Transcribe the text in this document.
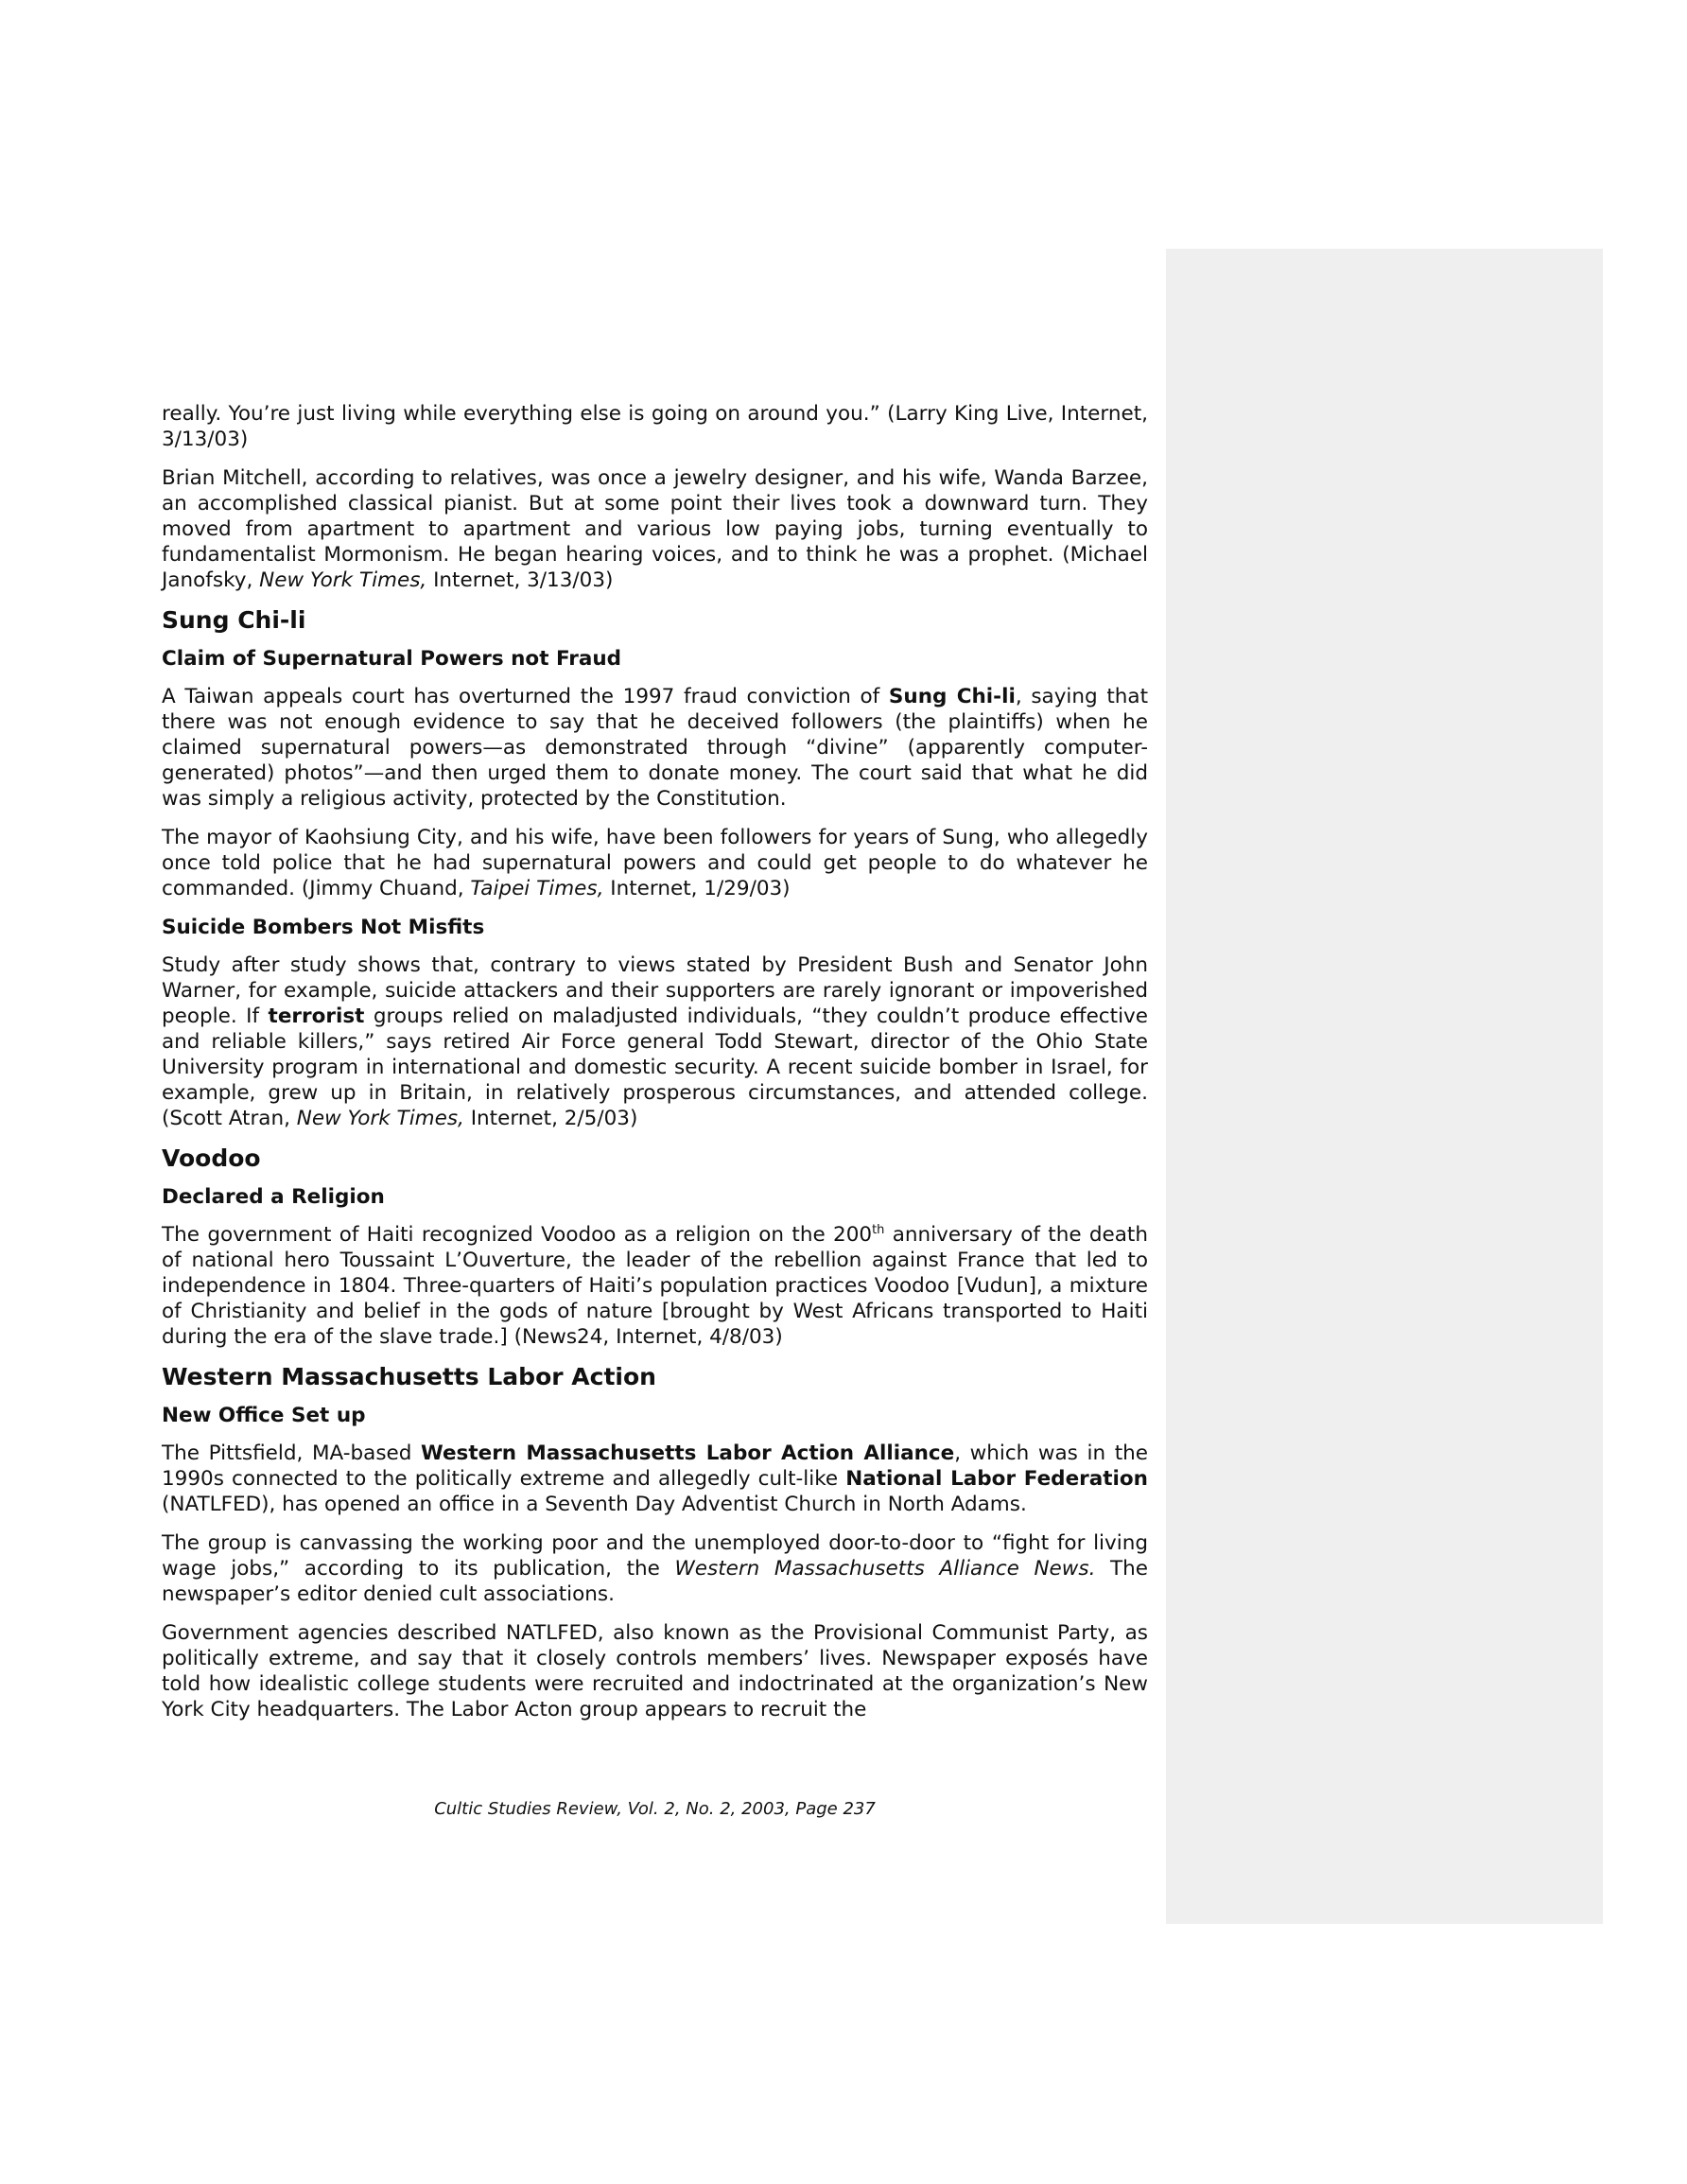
really. You’re just living while everything else is going on around you.” (Larry King Live, Internet, 3/13/03)

Brian Mitchell, according to relatives, was once a jewelry designer, and his wife, Wanda Barzee, an accomplished classical pianist. But at some point their lives took a downward turn. They moved from apartment to apartment and various low paying jobs, turning eventually to fundamentalist Mormonism. He began hearing voices, and to think he was a prophet. (Michael Janofsky, New York Times, Internet, 3/13/03)

Sung Chi-li
Claim of Supernatural Powers not Fraud

A Taiwan appeals court has overturned the 1997 fraud conviction of Sung Chi-li, saying that there was not enough evidence to say that he deceived followers (the plaintiffs) when he claimed supernatural powers—as demonstrated through “divine” (apparently computer-generated) photos”—and then urged them to donate money. The court said that what he did was simply a religious activity, protected by the Constitution.

The mayor of Kaohsiung City, and his wife, have been followers for years of Sung, who allegedly once told police that he had supernatural powers and could get people to do whatever he commanded. (Jimmy Chuand, Taipei Times, Internet, 1/29/03)

Suicide Bombers Not Misfits

Study after study shows that, contrary to views stated by President Bush and Senator John Warner, for example, suicide attackers and their supporters are rarely ignorant or impoverished people. If terrorist groups relied on maladjusted individuals, “they couldn’t produce effective and reliable killers,” says retired Air Force general Todd Stewart, director of the Ohio State University program in international and domestic security. A recent suicide bomber in Israel, for example, grew up in Britain, in relatively prosperous circumstances, and attended college. (Scott Atran, New York Times, Internet, 2/5/03)

Voodoo
Declared a Religion

The government of Haiti recognized Voodoo as a religion on the 200th anniversary of the death of national hero Toussaint L’Ouverture, the leader of the rebellion against France that led to independence in 1804. Three-quarters of Haiti’s population practices Voodoo [Vudun], a mixture of Christianity and belief in the gods of nature [brought by West Africans transported to Haiti during the era of the slave trade.] (News24, Internet, 4/8/03)

Western Massachusetts Labor Action
New Office Set up

The Pittsfield, MA-based Western Massachusetts Labor Action Alliance, which was in the 1990s connected to the politically extreme and allegedly cult-like National Labor Federation (NATLFED), has opened an office in a Seventh Day Adventist Church in North Adams.

The group is canvassing the working poor and the unemployed door-to-door to “fight for living wage jobs,” according to its publication, the Western Massachusetts Alliance News. The newspaper’s editor denied cult associations.

Government agencies described NATLFED, also known as the Provisional Communist Party, as politically extreme, and say that it closely controls members’ lives. Newspaper exposés have told how idealistic college students were recruited and indoctrinated at the organization’s New York City headquarters. The Labor Acton group appears to recruit the

Cultic Studies Review, Vol. 2, No. 2, 2003, Page 237
